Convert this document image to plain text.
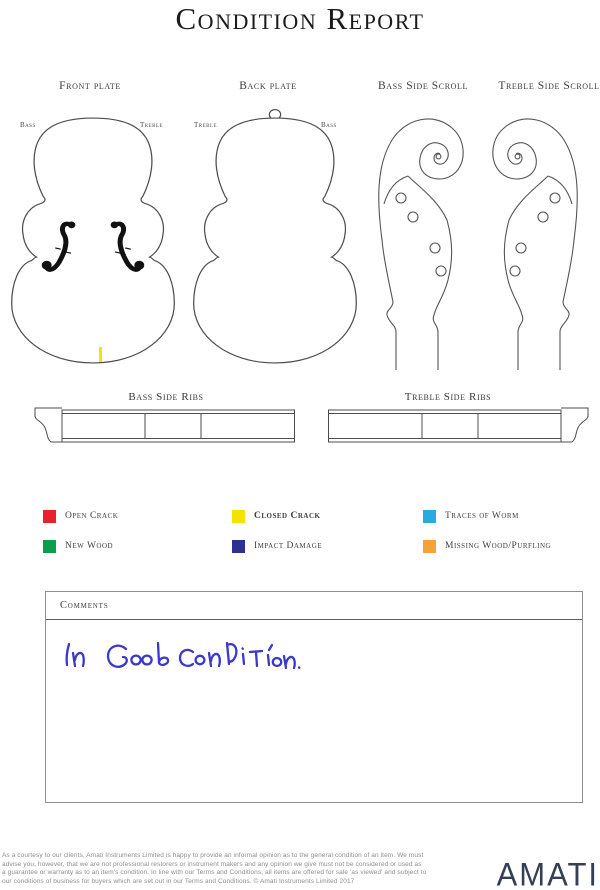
Condition Report
Front plate	Back plate	Bass Side Scroll	Treble Side Scroll
Bass	Treble	Treble	Bass
Bass Side Ribs	Treble Side Ribs
Open Crack	Closed Crack	Traces of Worm
New Wood	Impact Damage	Missing Wood/Purfling
Comments
As a courtesy to our clients, Amati Instruments Limited is happy to provide an informal opinion as to the general condition of an item. We must
advise you, however, that we are not professional restorers or instrument makers and any opinion we give must not be considered or used as
a guarantee or warranty as to an item's condition. In line with our Terms and Conditions, all items are offered for sale 'as viewed' and subject to
our conditions of business for buyers which are set out in our Terms and Conditions. © Amati Instruments Limited 2017	AMATI
